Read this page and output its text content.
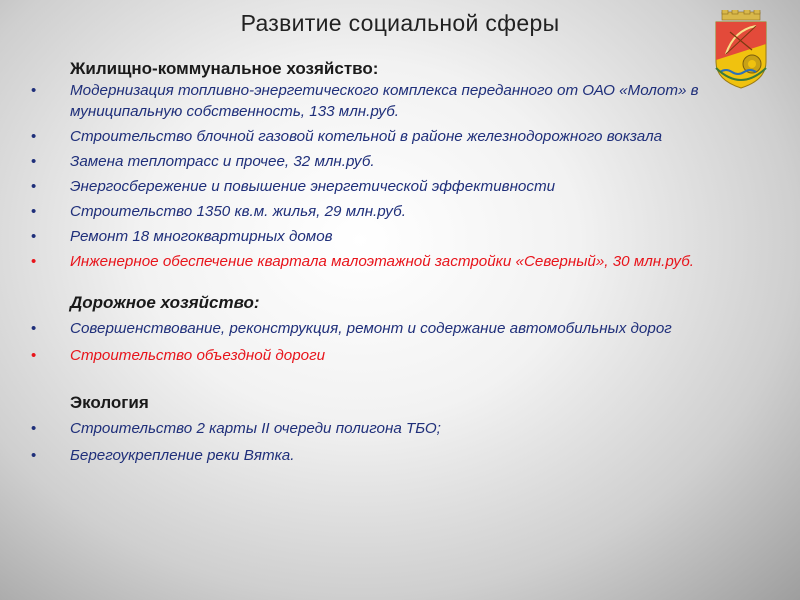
Развитие социальной сферы
Жилищно-коммунальное хозяйство:
• Модернизация топливно-энергетического комплекса переданного от ОАО «Молот» в муниципальную собственность, 133 млн.руб.
• Строительство блочной газовой котельной в районе железнодорожного вокзала
• Замена теплотрасс и прочее, 32 млн.руб.
• Энергосбережение и повышение энергетической эффективности
• Строительство 1350 кв.м. жилья, 29 млн.руб.
• Ремонт 18 многоквартирных домов
• Инженерное обеспечение квартала малоэтажной застройки «Северный», 30 млн.руб.
Дорожное хозяйство:
• Совершенствование, реконструкция, ремонт и содержание автомобильных дорог
• Строительство объездной дороги
Экология
• Строительство 2 карты II очереди полигона ТБО;
• Берегоукрепление реки Вятка.
